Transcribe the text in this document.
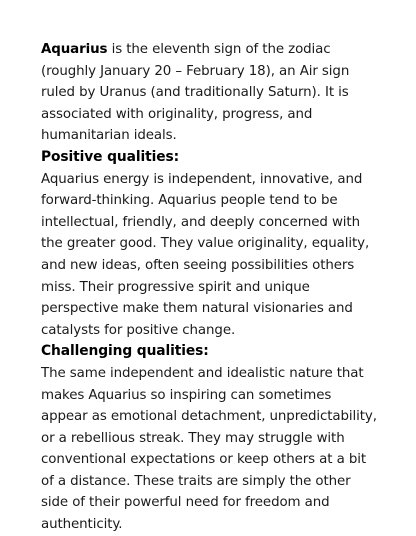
Aquarius is the eleventh sign of the zodiac (roughly January 20 – February 18), an Air sign ruled by Uranus (and traditionally Saturn). It is associated with originality, progress, and humanitarian ideals.

Positive qualities:

Aquarius energy is independent, innovative, and forward-thinking. Aquarius people tend to be intellectual, friendly, and deeply concerned with the greater good. They value originality, equality, and new ideas, often seeing possibilities others miss. Their progressive spirit and unique perspective make them natural visionaries and catalysts for positive change.

Challenging qualities:

The same independent and idealistic nature that makes Aquarius so inspiring can sometimes appear as emotional detachment, unpredictability, or a rebellious streak. They may struggle with conventional expectations or keep others at a bit of a distance. These traits are simply the other side of their powerful need for freedom and authenticity.
